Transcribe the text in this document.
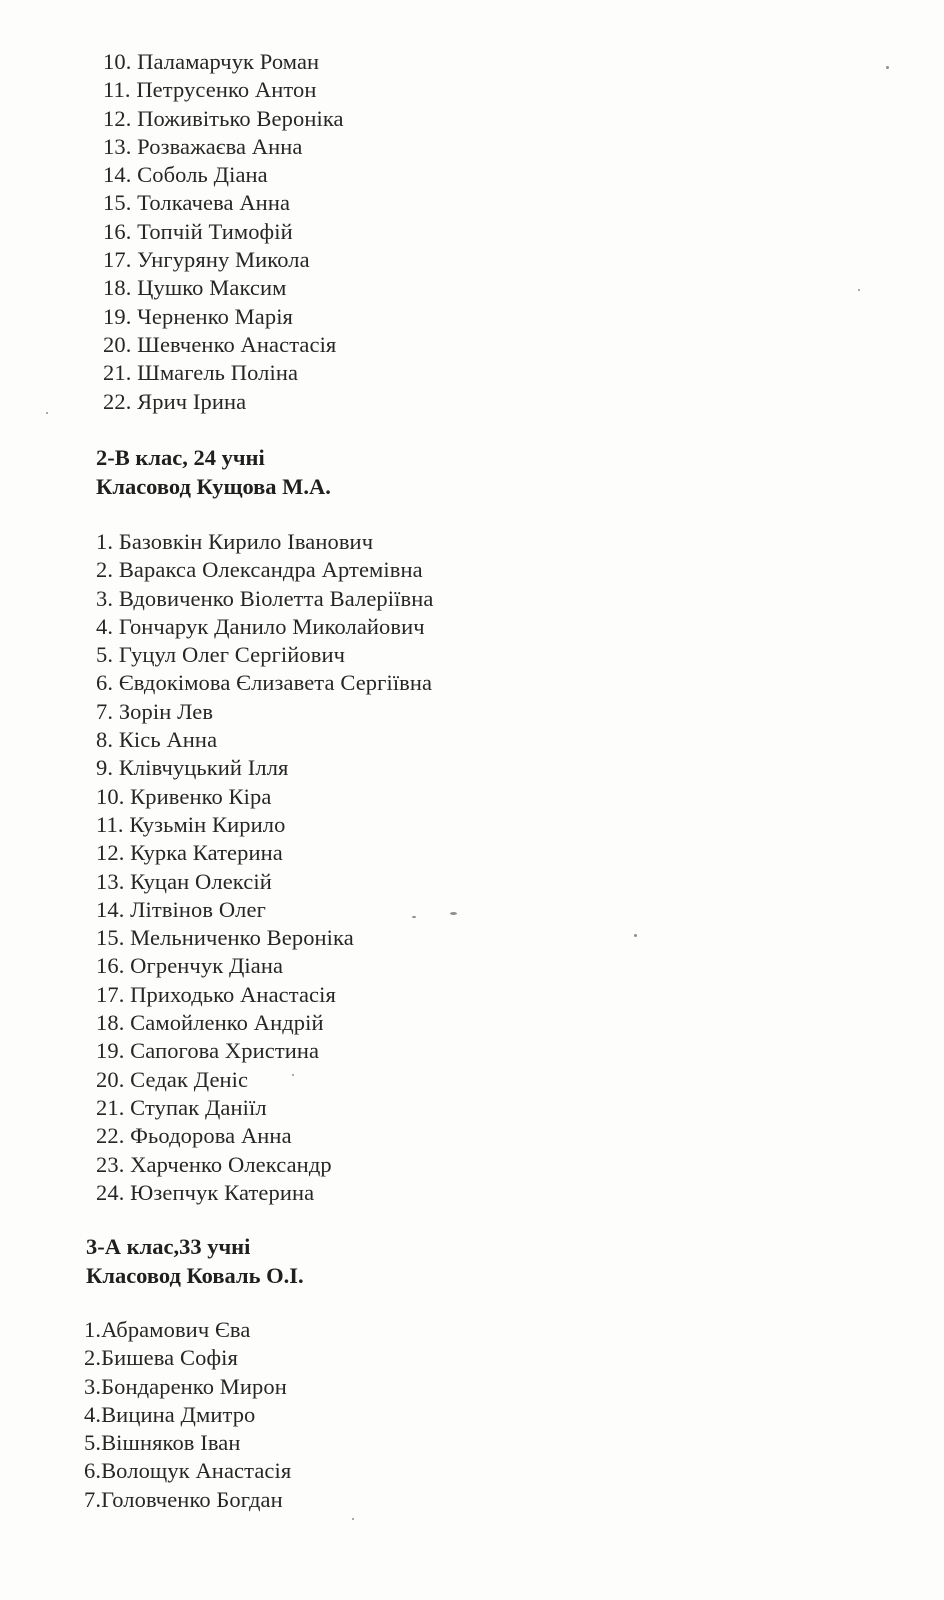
10. Паламарчук Роман
11. Петрусенко Антон
12. Поживітько Вероніка
13. Розважаєва Анна
14. Соболь Діана
15. Толкачева Анна
16. Топчій Тимофій
17. Унгуряну Микола
18. Цушко Максим
19. Черненко Марія
20. Шевченко Анастасія
21. Шмагель Поліна
22. Ярич Ірина
2-В клас, 24 учні
Класовод Кущова М.А.
1. Базовкін Кирило Іванович
2. Варакса Олександра Артемівна
3. Вдовиченко Віолетта Валеріївна
4. Гончарук Данило Миколайович
5. Гуцул Олег Сергійович
6. Євдокімова Єлизавета Сергіївна
7. Зорін Лев
8. Кісь Анна
9. Клівчуцький Ілля
10. Кривенко Кіра
11. Кузьмін Кирило
12. Курка Катерина
13. Куцан Олексій
14. Літвінов Олег
15. Мельниченко Вероніка
16. Огренчук Діана
17. Приходько Анастасія
18. Самойленко Андрій
19. Сапогова Христина
20. Седак Деніс
21. Ступак Даніїл
22. Фьодорова Анна
23. Харченко Олександр
24. Юзепчук Катерина
3-А клас,33 учні
Класовод Коваль О.І.
1.Абрамович Єва
2.Бишева Софія
3.Бондаренко Мирон
4.Вицина Дмитро
5.Вішняков Іван
6.Волощук Анастасія
7.Головченко Богдан
